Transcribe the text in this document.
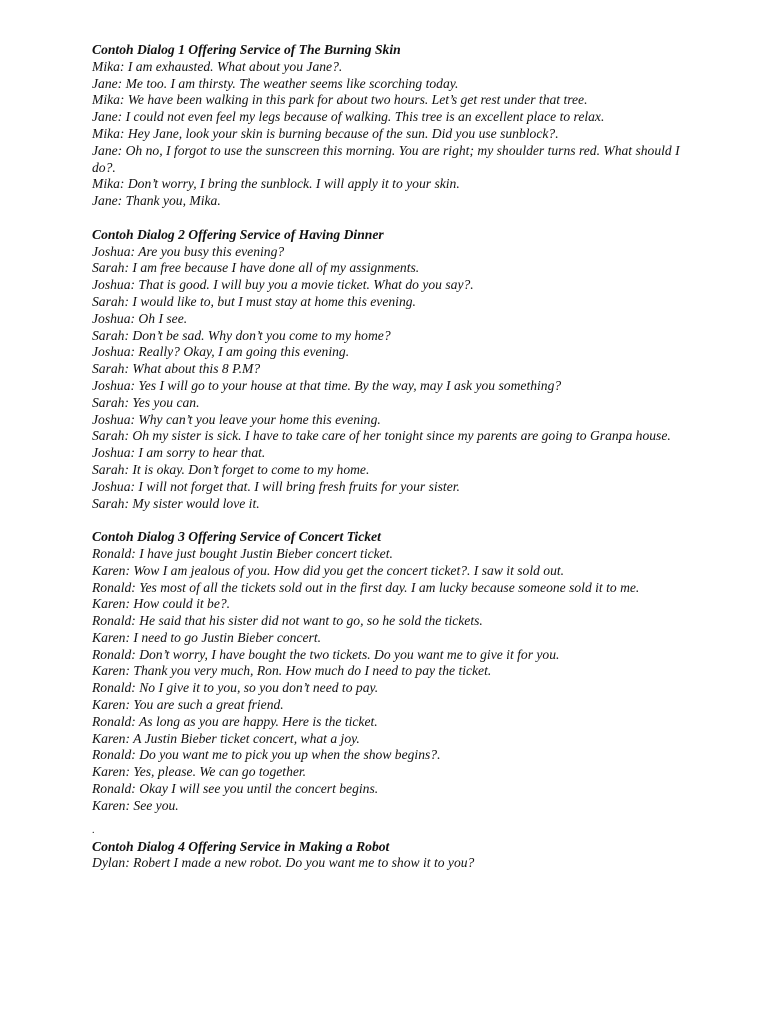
Contoh Dialog 1 Offering Service of The Burning Skin
Mika: I am exhausted. What about you Jane?.
Jane: Me too. I am thirsty. The weather seems like scorching today.
Mika: We have been walking in this park for about two hours. Let’s get rest under that tree.
Jane: I could not even feel my legs because of walking. This tree is an excellent place to relax.
Mika: Hey Jane, look your skin is burning because of the sun. Did you use sunblock?.
Jane: Oh no, I forgot to use the sunscreen this morning. You are right; my shoulder turns red. What should I do?.
Mika: Don’t worry, I bring the sunblock. I will apply it to your skin.
Jane: Thank you, Mika.
Contoh Dialog 2 Offering Service of Having Dinner
Joshua: Are you busy this evening?
Sarah: I am free because I have done all of my assignments.
Joshua: That is good. I will buy you a movie ticket. What do you say?.
Sarah: I would like to, but I must stay at home this evening.
Joshua: Oh I see.
Sarah: Don’t be sad. Why don’t you come to my home?
Joshua: Really? Okay, I am going this evening.
Sarah: What about this 8 P.M?
Joshua: Yes I will go to your house at that time. By the way, may I ask you something?
Sarah: Yes you can.
Joshua: Why can’t you leave your home this evening.
Sarah: Oh my sister is sick. I have to take care of her tonight since my parents are going to Granpa house.
Joshua: I am sorry to hear that.
Sarah: It is okay. Don’t forget to come to my home.
Joshua: I will not forget that. I will bring fresh fruits for your sister.
Sarah: My sister would love it.
Contoh Dialog 3 Offering Service of Concert Ticket
Ronald: I have just bought Justin Bieber concert ticket.
Karen: Wow I am jealous of you. How did you get the concert ticket?. I saw it sold out.
Ronald: Yes most of all the tickets sold out in the first day. I am lucky because someone sold it to me.
Karen: How could it be?.
Ronald: He said that his sister did not want to go, so he sold the tickets.
Karen: I need to go Justin Bieber concert.
Ronald: Don’t worry, I have bought the two tickets. Do you want me to give it for you.
Karen: Thank you very much, Ron. How much do I need to pay the ticket.
Ronald: No I give it to you, so you don’t need to pay.
Karen: You are such a great friend.
Ronald: As long as you are happy. Here is the ticket.
Karen: A Justin Bieber ticket concert, what a joy.
Ronald: Do you want me to pick you up when the show begins?.
Karen: Yes, please. We can go together.
Ronald: Okay I will see you until the concert begins.
Karen: See you.
.
Contoh Dialog 4 Offering Service in Making a Robot
Dylan: Robert I made a new robot. Do you want me to show it to you?
